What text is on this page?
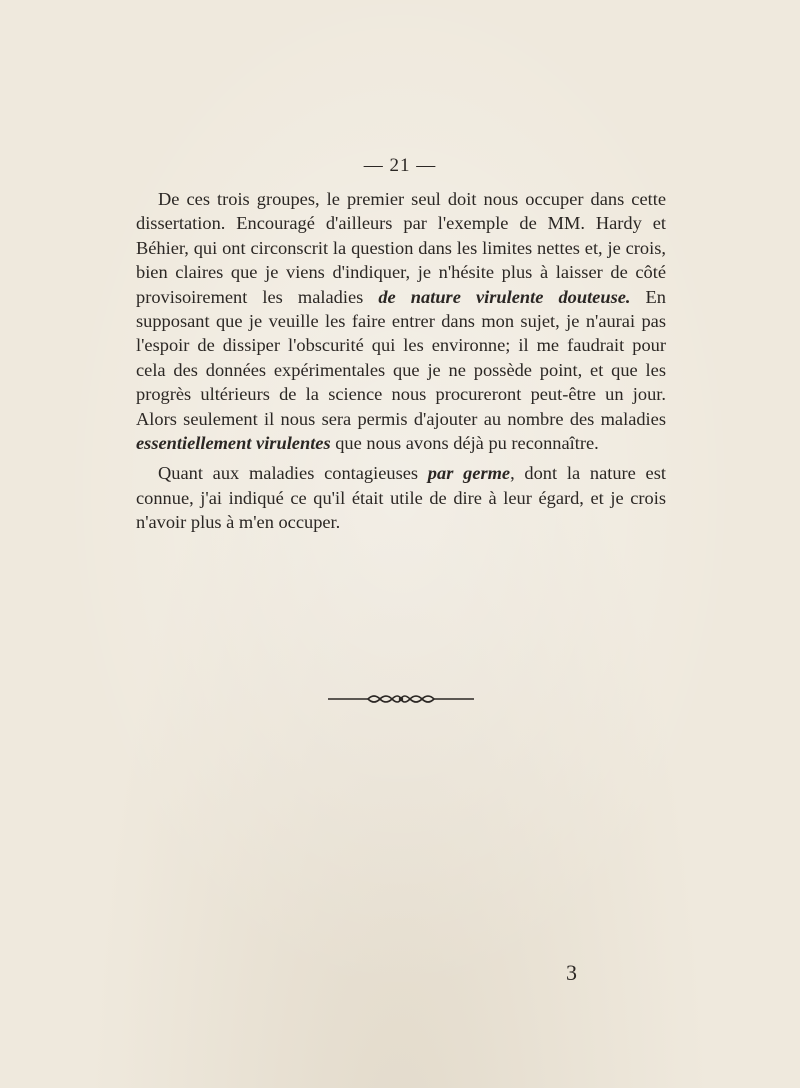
— 21 —

De ces trois groupes, le premier seul doit nous occuper dans cette dissertation. Encouragé d'ailleurs par l'exemple de MM. Hardy et Béhier, qui ont circonscrit la question dans les limites nettes et, je crois, bien claires que je viens d'indiquer, je n'hésite plus à laisser de côté provisoirement les maladies de nature virulente douteuse. En supposant que je veuille les faire entrer dans mon sujet, je n'aurai pas l'espoir de dissiper l'obscurité qui les environne; il me faudrait pour cela des données expérimentales que je ne possède point, et que les progrès ultérieurs de la science nous procureront peut-être un jour. Alors seulement il nous sera permis d'ajouter au nombre des maladies essentiellement virulentes que nous avons déjà pu reconnaître.

Quant aux maladies contagieuses par germe, dont la nature est connue, j'ai indiqué ce qu'il était utile de dire à leur égard, et je crois n'avoir plus à m'en occuper.

3
